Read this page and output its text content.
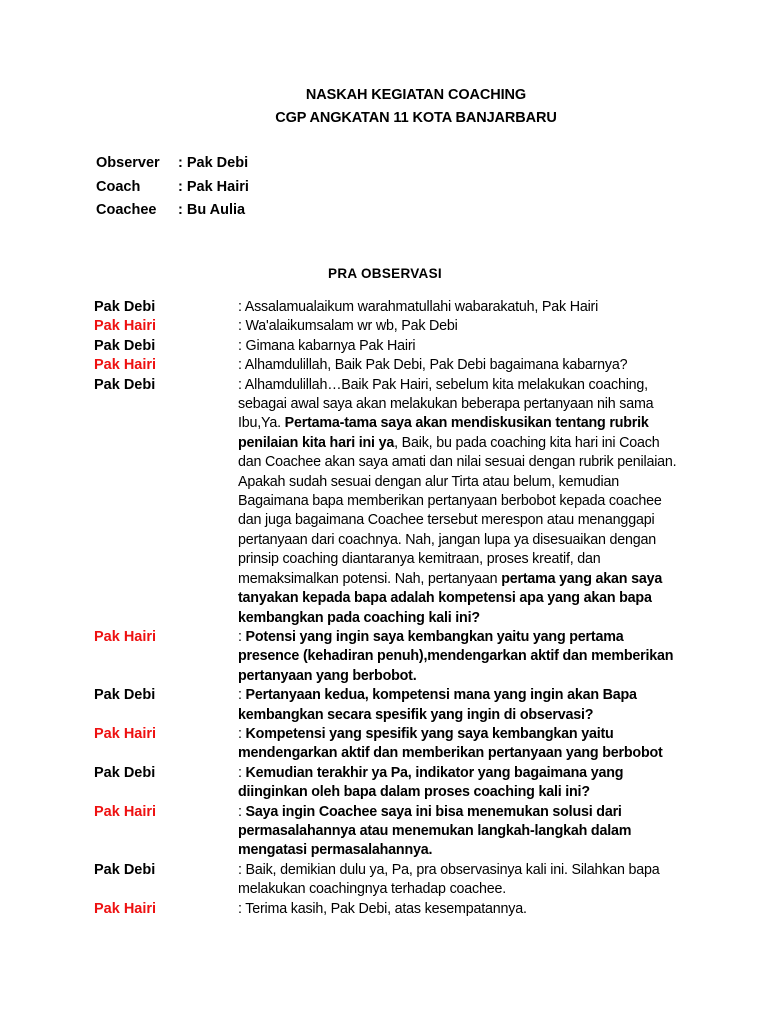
NASKAH KEGIATAN COACHING
CGP ANGKATAN 11 KOTA BANJARBARU
Observer : Pak Debi
Coach	: Pak Hairi
Coachee : Bu Aulia
PRA OBSERVASI
Pak Debi	: Assalamualaikum warahmatullahi wabarakatuh, Pak Hairi
Pak Hairi	: Wa'alaikumsalam wr wb, Pak Debi
Pak Debi	: Gimana kabarnya Pak Hairi
Pak Hairi	: Alhamdulillah, Baik Pak Debi, Pak Debi bagaimana kabarnya?
Pak Debi	: Alhamdulillah…Baik Pak Hairi, sebelum kita melakukan coaching, sebagai awal saya akan melakukan beberapa pertanyaan nih sama Ibu,Ya. Pertama-tama saya akan mendiskusikan tentang rubrik penilaian kita hari ini ya, Baik, bu pada coaching kita hari ini Coach dan Coachee akan saya amati dan nilai sesuai dengan rubrik penilaian. Apakah sudah sesuai dengan alur Tirta atau belum, kemudian Bagaimana bapa memberikan pertanyaan berbobot kepada coachee dan juga bagaimana Coachee tersebut merespon atau menanggapi pertanyaan dari coachnya. Nah, jangan lupa ya disesuaikan dengan prinsip coaching diantaranya kemitraan, proses kreatif, dan memaksimalkan potensi. Nah, pertanyaan pertama yang akan saya tanyakan kepada bapa adalah kompetensi apa yang akan bapa kembangkan pada coaching kali ini?
Pak Hairi	: Potensi yang ingin saya kembangkan yaitu yang pertama presence (kehadiran penuh),mendengarkan aktif dan memberikan pertanyaan yang berbobot.
Pak Debi	: Pertanyaan kedua, kompetensi mana yang ingin akan Bapa kembangkan secara spesifik yang ingin di observasi?
Pak Hairi	: Kompetensi yang spesifik yang saya kembangkan yaitu mendengarkan aktif dan memberikan pertanyaan yang berbobot
Pak Debi	: Kemudian terakhir ya Pa, indikator yang bagaimana yang diinginkan oleh bapa dalam proses coaching kali ini?
Pak Hairi	: Saya ingin Coachee saya ini bisa menemukan solusi dari permasalahannya atau menemukan langkah-langkah dalam mengatasi permasalahannya.
Pak Debi	: Baik, demikian dulu ya, Pa, pra observasinya kali ini. Silahkan bapa melakukan coachingnya terhadap coachee.
Pak Hairi	: Terima kasih, Pak Debi, atas kesempatannya.
